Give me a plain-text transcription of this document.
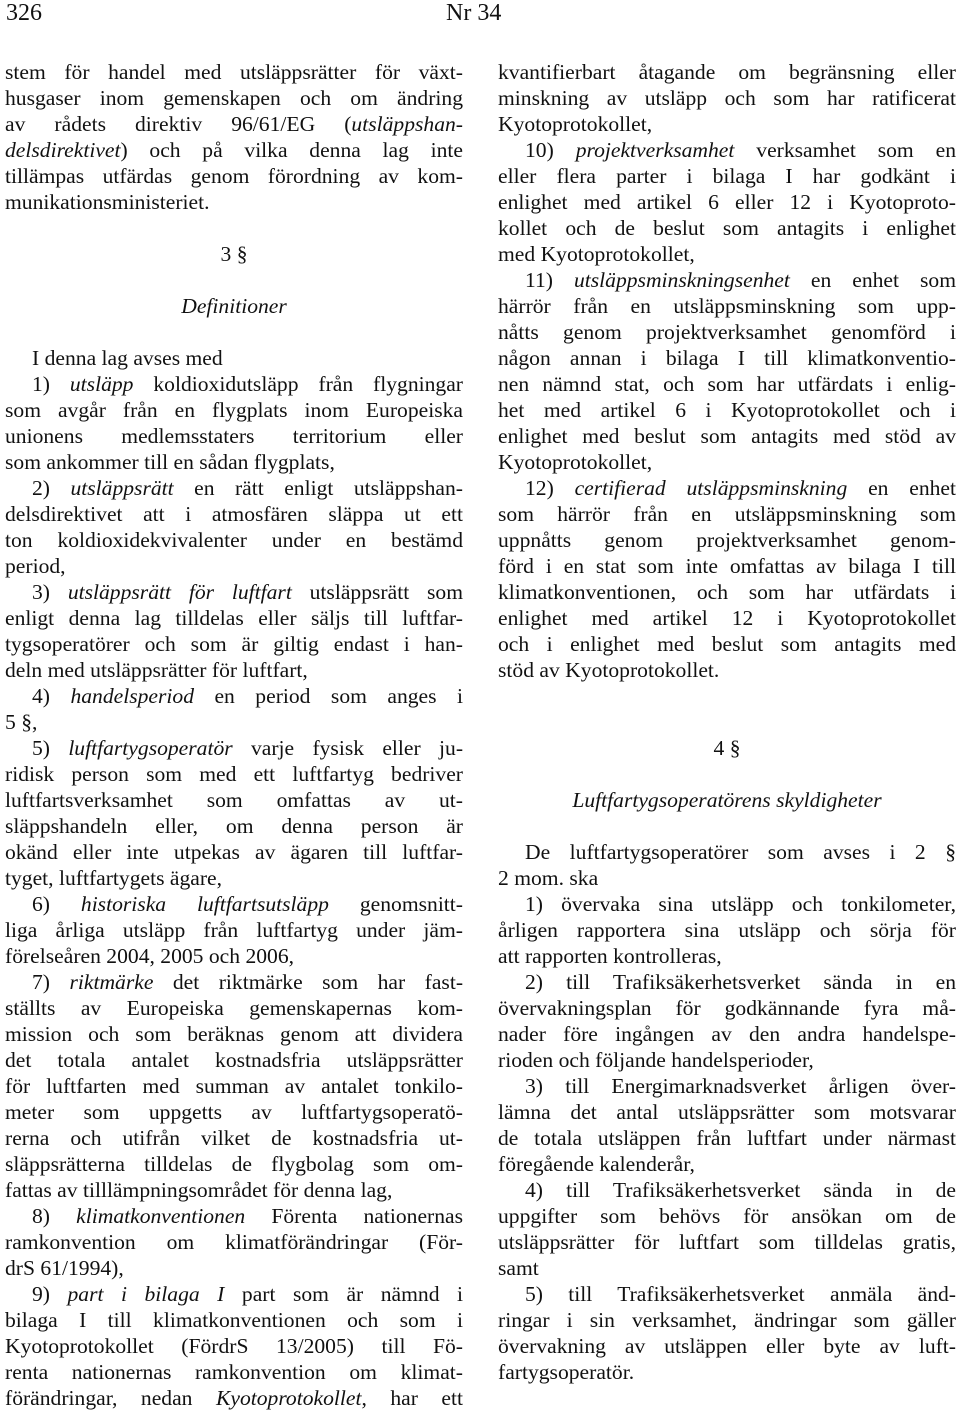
326	Nr 34
stem för handel med utsläppsrätter för växt-
husgaser inom gemenskapen och om ändring
av rådets direktiv 96/61/EG (utsläppshan-
delsdirektivet) och på vilka denna lag inte
tillämpas utfärdas genom förordning av kom-
munikationsministeriet.
3 §
Definitioner
I denna lag avses med
1) utsläpp koldioxidutsläpp från flygningar
som avgår från en flygplats inom Europeiska
unionens medlemsstaters territorium eller
som ankommer till en sådan flygplats,
2) utsläppsrätt en rätt enligt utsläppshan-
delsdirektivet att i atmosfären släppa ut ett
ton koldioxidekvivalenter under en bestämd
period,
3) utsläppsrätt för luftfart utsläppsrätt som
enligt denna lag tilldelas eller säljs till luftfar-
tygsoperatörer och som är giltig endast i han-
deln med utsläppsrätter för luftfart,
4) handelsperiod en period som anges i
5 §,
5) luftfartygsoperatör varje fysisk eller ju-
ridisk person som med ett luftfartyg bedriver
luftfartsverksamhet som omfattas av ut-
släppshandeln eller, om denna person är
okänd eller inte utpekas av ägaren till luftfar-
tyget, luftfartygets ägare,
6) historiska luftfartsutsläpp genomsnitt-
liga årliga utsläpp från luftfartyg under jäm-
förelseåren 2004, 2005 och 2006,
7) riktmärke det riktmärke som har fast-
ställts av Europeiska gemenskapernas kom-
mission och som beräknas genom att dividera
det totala antalet kostnadsfria utsläppsrätter
för luftfarten med summan av antalet tonkilo-
meter som uppgetts av luftfartygsoperatö-
rerna och utifrån vilket de kostnadsfria ut-
släppsrätterna tilldelas de flygbolag som om-
fattas av tilllämpningsområdet för denna lag,
8) klimatkonventionen Förenta nationernas
ramkonvention om klimatförändringar (För-
drS 61/1994),
9) part i bilaga I part som är nämnd i
bilaga I till klimatkonventionen och som i
Kyotoprotokollet (FördrS 13/2005) till Fö-
renta nationernas ramkonvention om klimat-
förändringar, nedan Kyotoprotokollet, har ett
kvantifierbart åtagande om begränsning eller
minskning av utsläpp och som har ratificerat
Kyotoprotokollet,
10) projektverksamhet verksamhet som en
eller flera parter i bilaga I har godkänt i
enlighet med artikel 6 eller 12 i Kyotoproto-
kollet och de beslut som antagits i enlighet
med Kyotoprotokollet,
11) utsläppsminskningsenhet en enhet som
härrör från en utsläppsminskning som upp-
nåtts genom projektverksamhet genomförd i
någon annan i bilaga I till klimatkonventio-
nen nämnd stat, och som har utfärdats i enlig-
het med artikel 6 i Kyotoprotokollet och i
enlighet med beslut som antagits med stöd av
Kyotoprotokollet,
12) certifierad utsläppsminskning en enhet
som härrör från en utsläppsminskning som
uppnåtts genom projektverksamhet genom-
förd i en stat som inte omfattas av bilaga I till
klimatkonventionen, och som har utfärdats i
enlighet med artikel 12 i Kyotoprotokollet
och i enlighet med beslut som antagits med
stöd av Kyotoprotokollet.
4 §
Luftfartygsoperatörens skyldigheter
De luftfartygsoperatörer som avses i 2 §
2 mom. ska
1) övervaka sina utsläpp och tonkilometer,
årligen rapportera sina utsläpp och sörja för
att rapporten kontrolleras,
2) till Trafiksäkerhetsverket sända in en
övervakningsplan för godkännande fyra må-
nader före ingången av den andra handelspe-
rioden och följande handelsperioder,
3) till Energimarknadsverket årligen över-
lämna det antal utsläppsrätter som motsvarar
de totala utsläppen från luftfart under närmast
föregående kalenderår,
4) till Trafiksäkerhetsverket sända in de
uppgifter som behövs för ansökan om de
utsläppsrätter för luftfart som tilldelas gratis,
samt
5) till Trafiksäkerhetsverket anmäla änd-
ringar i sin verksamhet, ändringar som gäller
övervakning av utsläppen eller byte av luft-
fartygsoperatör.
